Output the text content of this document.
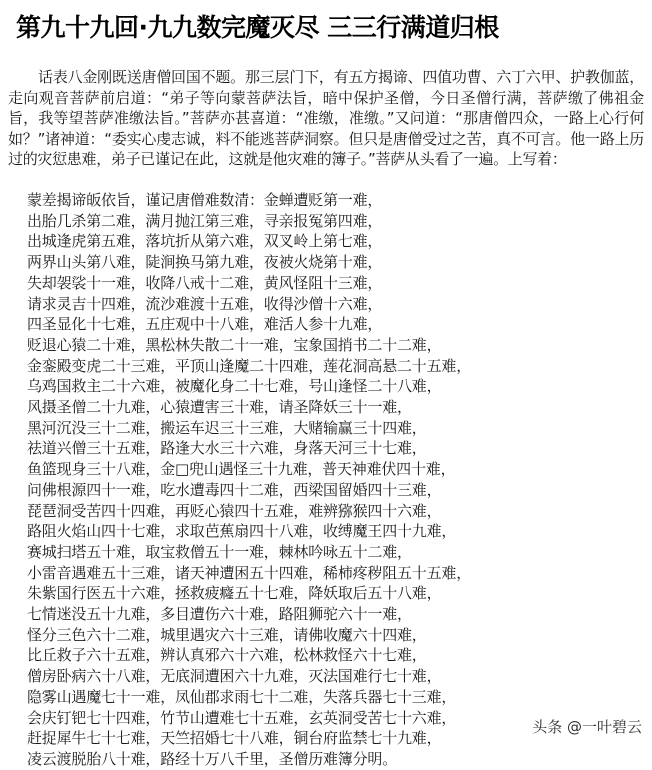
第九十九回·九九数完魔灭尽 三三行满道归根

话表八金刚既送唐僧回国不题。那三层门下，有五方揭谛、四值功曹、六丁六甲、护教伽蓝，走向观音菩萨前启道：“弟子等向蒙菩萨法旨，暗中保护圣僧，今日圣僧行满，菩萨缴了佛祖金旨，我等望菩萨准缴法旨。”菩萨亦甚喜道：“准缴，准缴。”又问道：“那唐僧四众，一路上心行何如？”诸神道：“委实心虔志诚，料不能逃菩萨洞察。但只是唐僧受过之苦，真不可言。他一路上历过的灾愆患难，弟子已谨记在此，这就是他灾难的簿子。”菩萨从头看了一遍。上写着：

蒙差揭谛皈依旨，谨记唐僧难数清：金蝉遭贬第一难，
出胎几杀第二难，满月抛江第三难，寻亲报冤第四难，
出城逢虎第五难，落坑折从第六难，双叉岭上第七难，
两界山头第八难，陡涧换马第九难，夜被火烧第十难，
失却袈裟十一难，收降八戒十二难，黄风怪阻十三难，
请求灵吉十四难，流沙难渡十五难，收得沙僧十六难，
四圣显化十七难，五庄观中十八难，难活人参十九难，
贬退心猿二十难，黑松林失散二十一难，宝象国捎书二十二难，
金銮殿变虎二十三难，平顶山逢魔二十四难，莲花洞高悬二十五难，
乌鸡国救主二十六难，被魔化身二十七难，号山逢怪二十八难，
风摄圣僧二十九难，心猿遭害三十难，请圣降妖三十一难，
黑河沉没三十二难，搬运车迟三十三难，大赌输赢三十四难，
祛道兴僧三十五难，路逢大水三十六难，身落天河三十七难，
鱼篮现身三十八难，金□兜山遇怪三十九难，普天神难伏四十难，
问佛根源四十一难，吃水遭毒四十二难，西梁国留婚四十三难，
琵琶洞受苦四十四难，再贬心猿四十五难，难辨猕猴四十六难，
路阻火焰山四十七难，求取芭蕉扇四十八难，收缚魔王四十九难，
赛城扫塔五十难，取宝救僧五十一难，棘林吟咏五十二难，
小雷音遇难五十三难，诸天神遭困五十四难，稀柿疼秽阻五十五难，
朱紫国行医五十六难，拯救疲癃五十七难，降妖取后五十八难，
七情迷没五十九难，多目遭伤六十难，路阻狮驼六十一难，
怪分三色六十二难，城里遇灾六十三难，请佛收魔六十四难，
比丘救子六十五难，辨认真邪六十六难，松林救怪六十七难，
僧房卧病六十八难，无底洞遭困六十九难，灭法国难行七十难，
隐雾山遇魔七十一难，凤仙郡求雨七十二难，失落兵器七十三难，
会庆钉钯七十四难，竹节山遭难七十五难，玄英洞受苦七十六难，
赶捉犀牛七十七难，天竺招婚七十八难，铜台府监禁七十九难，
凌云渡脱胎八十难，路经十万八千里，圣僧历难簿分明。
头条 @一叶碧云
